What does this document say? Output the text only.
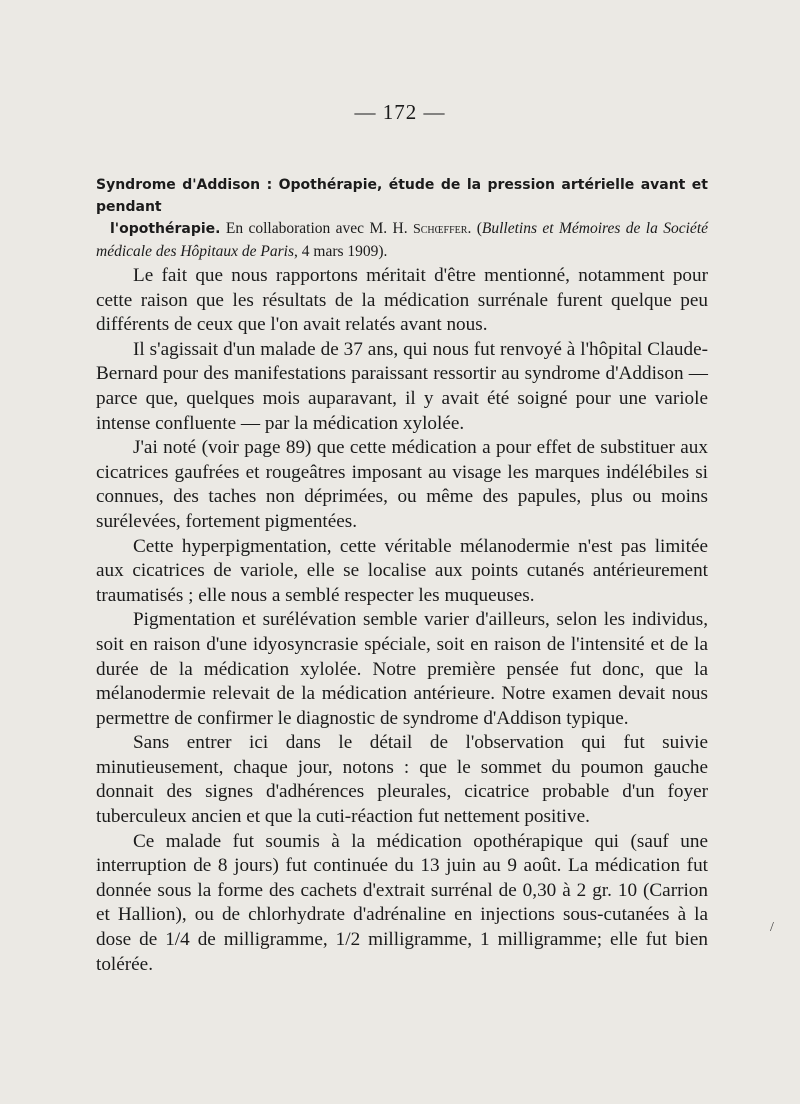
— 172 —
Syndrome d'Addison : Opothérapie, étude de la pression artérielle avant et pendant
l'opothérapie. En collaboration avec M. H. Schœffer. (Bulletins et Mémoires de la Société médicale des Hôpitaux de Paris, 4 mars 1909).

Le fait que nous rapportons méritait d'être mentionné, notamment pour cette raison que les résultats de la médication surrénale furent quelque peu différents de ceux que l'on avait relatés avant nous.

Il s'agissait d'un malade de 37 ans, qui nous fut renvoyé à l'hôpital Claude-Bernard pour des manifestations paraissant ressortir au syndrome d'Addison — parce que, quelques mois auparavant, il y avait été soigné pour une variole intense confluente — par la médication xylolée.

J'ai noté (voir page 89) que cette médication a pour effet de substituer aux cicatrices gaufrées et rougeâtres imposant au visage les marques indélébiles si connues, des taches non déprimées, ou même des papules, plus ou moins surélevées, fortement pigmentées.

Cette hyperpigmentation, cette véritable mélanodermie n'est pas limitée aux cicatrices de variole, elle se localise aux points cutanés antérieurement traumatisés ; elle nous a semblé respecter les muqueuses.

Pigmentation et surélévation semble varier d'ailleurs, selon les individus, soit en raison d'une idyosyncrasie spéciale, soit en raison de l'intensité et de la durée de la médication xylolée. Notre première pensée fut donc, que la mélanodermie relevait de la médication antérieure. Notre examen devait nous permettre de confirmer le diagnostic de syndrome d'Addison typique.

Sans entrer ici dans le détail de l'observation qui fut suivie minutieusement, chaque jour, notons : que le sommet du poumon gauche donnait des signes d'adhérences pleurales, cicatrice probable d'un foyer tuberculeux ancien et que la cuti-réaction fut nettement positive.

Ce malade fut soumis à la médication opothérapique qui (sauf une interruption de 8 jours) fut continuée du 13 juin au 9 août. La médication fut donnée sous la forme des cachets d'extrait surrénal de 0,30 à 2 gr. 10 (Carrion et Hallion), ou de chlorhydrate d'adrénaline en injections sous-cutanées à la dose de 1/4 de milligramme, 1/2 milligramme, 1 milligramme; elle fut bien tolérée.

/
